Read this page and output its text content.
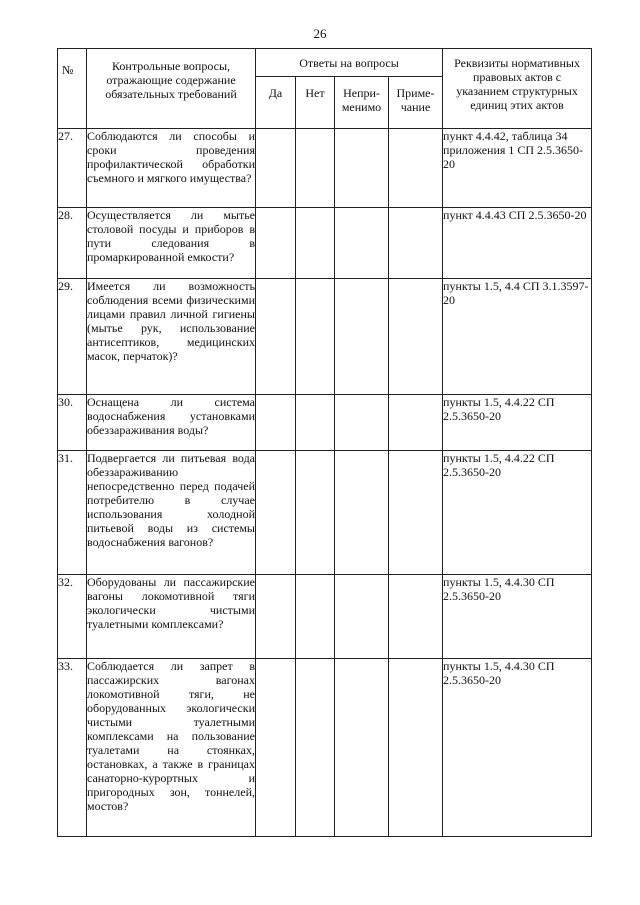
26
№	Контрольные вопросы, отражающие содержание обязательных требований	Ответы на вопросы				Реквизиты нормативных правовых актов с указанием структурных единиц этих актов
		Да	Нет	Непри-менимо	Приме-чание	
27.	Соблюдаются ли способы и сроки проведения профилактической обработки съемного и мягкого имущества?					пункт 4.4.42, таблица 34 приложения 1 СП 2.5.3650-20
28.	Осуществляется ли мытье столовой посуды и приборов в пути следования в промаркированной емкости?					пункт 4.4.43 СП 2.5.3650-20
29.	Имеется ли возможность соблюдения всеми физическими лицами правил личной гигиены (мытье рук, использование антисептиков, медицинских масок, перчаток)?					пункты 1.5, 4.4 СП 3.1.3597-20
30.	Оснащена ли система водоснабжения установками обеззараживания воды?					пункты 1.5, 4.4.22 СП 2.5.3650-20
31.	Подвергается ли питьевая вода обеззараживанию непосредственно перед подачей потребителю в случае использования холодной питьевой воды из системы водоснабжения вагонов?					пункты 1.5, 4.4.22 СП 2.5.3650-20
32.	Оборудованы ли пассажирские вагоны локомотивной тяги экологически чистыми туалетными комплексами?					пункты 1.5, 4.4.30 СП 2.5.3650-20
33.	Соблюдается ли запрет в пассажирских вагонах локомотивной тяги, не оборудованных экологически чистыми туалетными комплексами на пользование туалетами на стоянках, остановках, а также в границах санаторно-курортных и пригородных зон, тоннелей, мостов?					пункты 1.5, 4.4.30 СП 2.5.3650-20
